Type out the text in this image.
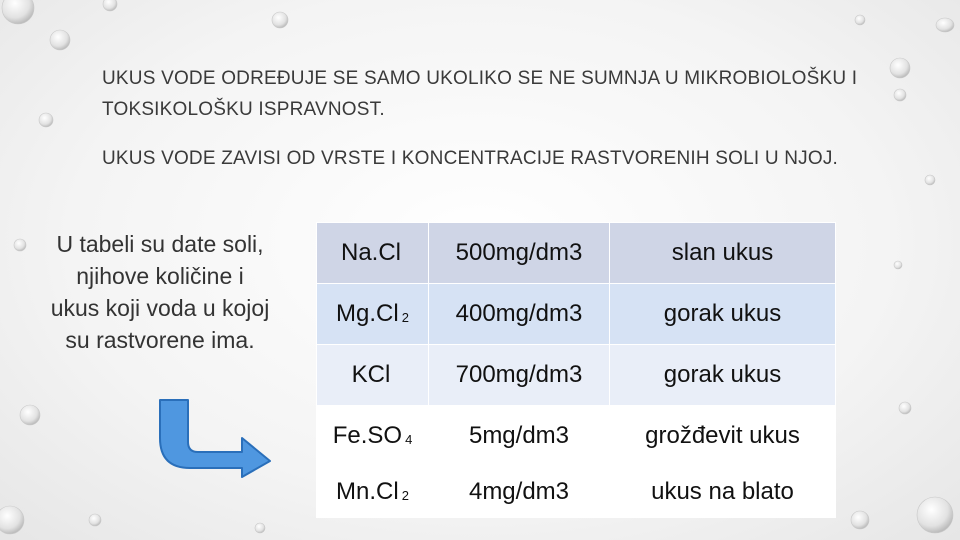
UKUS VODE ODREĐUJE SE SAMO UKOLIKO SE NE SUMNJA U MIKROBIOLOŠKU I TOKSIKOLOŠKU ISPRAVNOST.
UKUS VODE ZAVISI OD VRSTE I KONCENTRACIJE RASTVORENIH SOLI U NJOJ.
U tabeli su date soli, njihove količine i ukus koji voda u kojoj su rastvorene ima.
Na.Cl	500mg/dm3	slan ukus
Mg.Cl 2	400mg/dm3	gorak ukus
KCl	700mg/dm3	gorak ukus
Fe.SO 4	5mg/dm3	grožđevit ukus
Mn.Cl 2	4mg/dm3	ukus na blato
